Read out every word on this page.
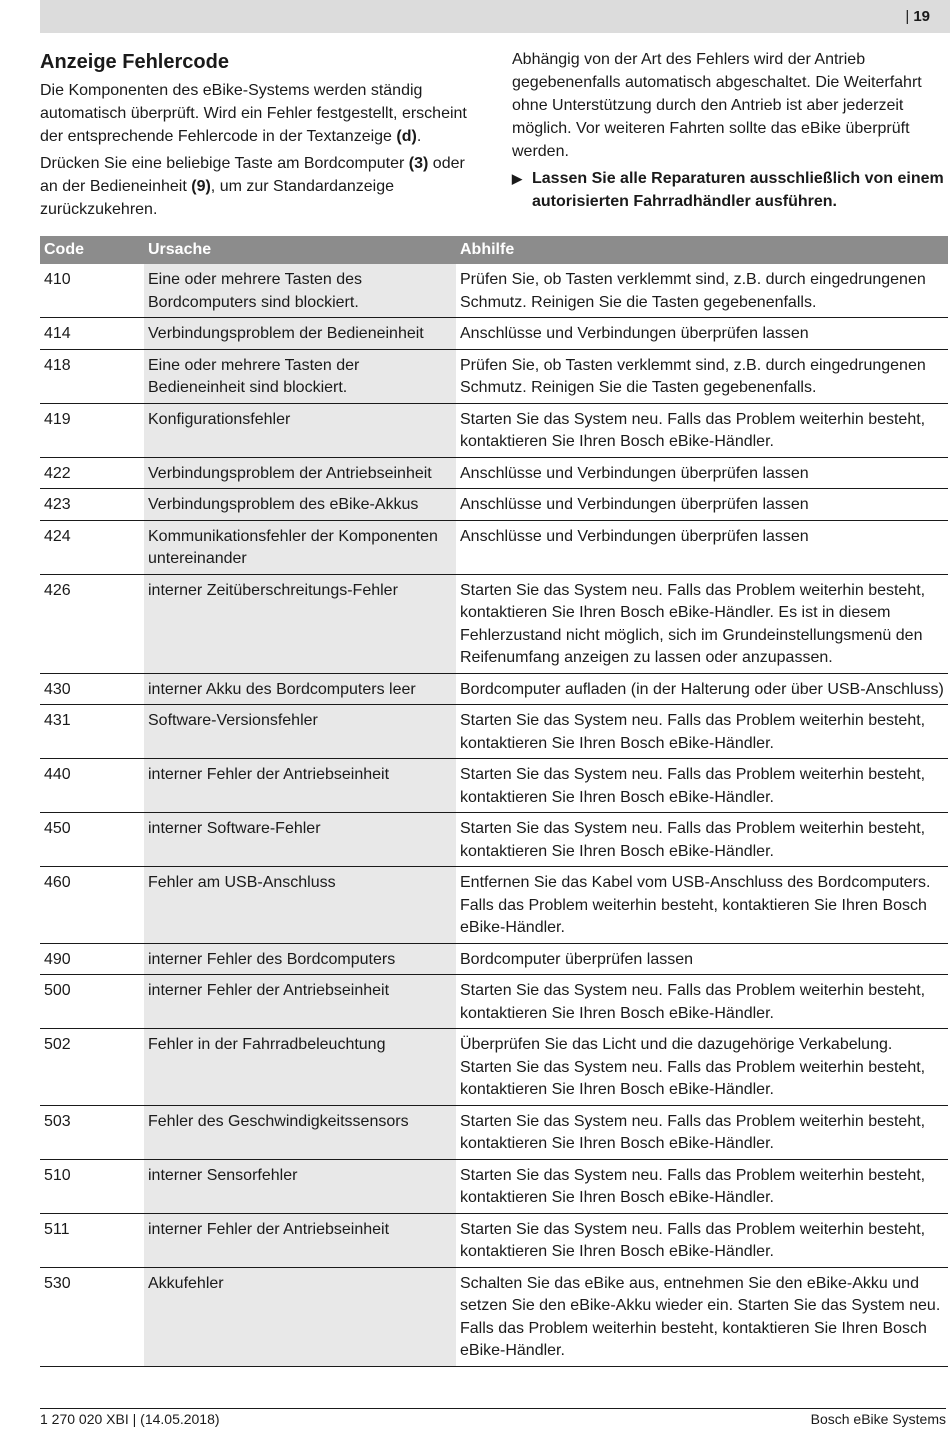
| 19
Anzeige Fehlercode

Die Komponenten des eBike-Systems werden ständig automatisch überprüft. Wird ein Fehler festgestellt, erscheint der entsprechende Fehlercode in der Textanzeige (d).

Drücken Sie eine beliebige Taste am Bordcomputer (3) oder an der Bedieneinheit (9), um zur Standardanzeige zurückzukehren.

Abhängig von der Art des Fehlers wird der Antrieb gegebenenfalls automatisch abgeschaltet. Die Weiterfahrt ohne Unterstützung durch den Antrieb ist aber jederzeit möglich. Vor weiteren Fahrten sollte das eBike überprüft werden.

▶ Lassen Sie alle Reparaturen ausschließlich von einem autorisierten Fahrradhändler ausführen.
Code	Ursache	Abhilfe
410	Eine oder mehrere Tasten des Bordcomputers sind blockiert.	Prüfen Sie, ob Tasten verklemmt sind, z.B. durch eingedrungenen Schmutz. Reinigen Sie die Tasten gegebenenfalls.
414	Verbindungsproblem der Bedieneinheit	Anschlüsse und Verbindungen überprüfen lassen
418	Eine oder mehrere Tasten der Bedieneinheit sind blockiert.	Prüfen Sie, ob Tasten verklemmt sind, z.B. durch eingedrungenen Schmutz. Reinigen Sie die Tasten gegebenenfalls.
419	Konfigurationsfehler	Starten Sie das System neu. Falls das Problem weiterhin besteht, kontaktieren Sie Ihren Bosch eBike-Händler.
422	Verbindungsproblem der Antriebseinheit	Anschlüsse und Verbindungen überprüfen lassen
423	Verbindungsproblem des eBike-Akkus	Anschlüsse und Verbindungen überprüfen lassen
424	Kommunikationsfehler der Komponenten untereinander	Anschlüsse und Verbindungen überprüfen lassen
426	interner Zeitüberschreitungs-Fehler	Starten Sie das System neu. Falls das Problem weiterhin besteht, kontaktieren Sie Ihren Bosch eBike-Händler. Es ist in diesem Fehlerzustand nicht möglich, sich im Grundeinstellungsmenü den Reifenumfang anzeigen zu lassen oder anzupassen.
430	interner Akku des Bordcomputers leer	Bordcomputer aufladen (in der Halterung oder über USB-Anschluss)
431	Software-Versionsfehler	Starten Sie das System neu. Falls das Problem weiterhin besteht, kontaktieren Sie Ihren Bosch eBike-Händler.
440	interner Fehler der Antriebseinheit	Starten Sie das System neu. Falls das Problem weiterhin besteht, kontaktieren Sie Ihren Bosch eBike-Händler.
450	interner Software-Fehler	Starten Sie das System neu. Falls das Problem weiterhin besteht, kontaktieren Sie Ihren Bosch eBike-Händler.
460	Fehler am USB-Anschluss	Entfernen Sie das Kabel vom USB-Anschluss des Bordcomputers. Falls das Problem weiterhin besteht, kontaktieren Sie Ihren Bosch eBike-Händler.
490	interner Fehler des Bordcomputers	Bordcomputer überprüfen lassen
500	interner Fehler der Antriebseinheit	Starten Sie das System neu. Falls das Problem weiterhin besteht, kontaktieren Sie Ihren Bosch eBike-Händler.
502	Fehler in der Fahrradbeleuchtung	Überprüfen Sie das Licht und die dazugehörige Verkabelung. Starten Sie das System neu. Falls das Problem weiterhin besteht, kontaktieren Sie Ihren Bosch eBike-Händler.
503	Fehler des Geschwindigkeitssensors	Starten Sie das System neu. Falls das Problem weiterhin besteht, kontaktieren Sie Ihren Bosch eBike-Händler.
510	interner Sensorfehler	Starten Sie das System neu. Falls das Problem weiterhin besteht, kontaktieren Sie Ihren Bosch eBike-Händler.
511	interner Fehler der Antriebseinheit	Starten Sie das System neu. Falls das Problem weiterhin besteht, kontaktieren Sie Ihren Bosch eBike-Händler.
530	Akkufehler	Schalten Sie das eBike aus, entnehmen Sie den eBike-Akku und setzen Sie den eBike-Akku wieder ein. Starten Sie das System neu. Falls das Problem weiterhin besteht, kontaktieren Sie Ihren Bosch eBike-Händler.
1 270 020 XBI | (14.05.2018)	Bosch eBike Systems
